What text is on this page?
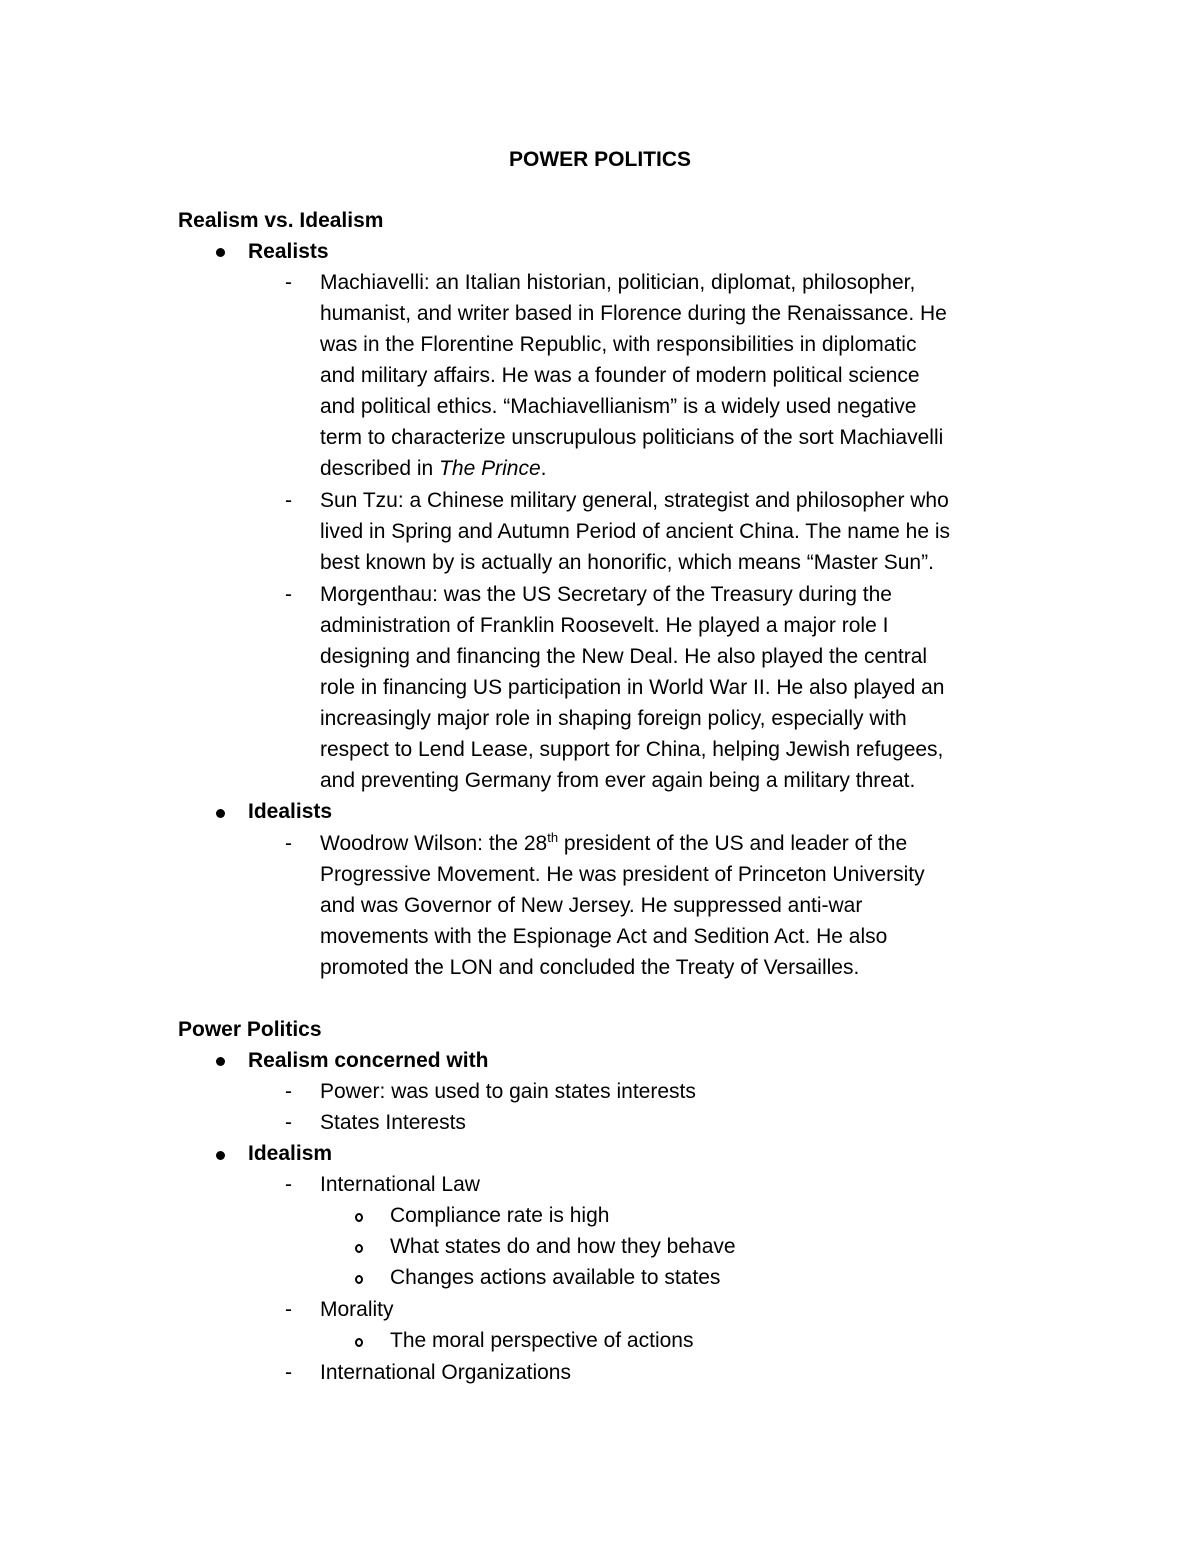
POWER POLITICS
Realism vs. Idealism
Realists
- Machiavelli: an Italian historian, politician, diplomat, philosopher,
humanist, and writer based in Florence during the Renaissance. He
was in the Florentine Republic, with responsibilities in diplomatic
and military affairs. He was a founder of modern political science
and political ethics. “Machiavellianism” is a widely used negative
term to characterize unscrupulous politicians of the sort Machiavelli
described in The Prince.
- Sun Tzu: a Chinese military general, strategist and philosopher who
lived in Spring and Autumn Period of ancient China. The name he is
best known by is actually an honorific, which means “Master Sun”.
- Morgenthau: was the US Secretary of the Treasury during the
administration of Franklin Roosevelt. He played a major role I
designing and financing the New Deal. He also played the central
role in financing US participation in World War II. He also played an
increasingly major role in shaping foreign policy, especially with
respect to Lend Lease, support for China, helping Jewish refugees,
and preventing Germany from ever again being a military threat.
Idealists
- Woodrow Wilson: the 28th president of the US and leader of the
Progressive Movement. He was president of Princeton University
and was Governor of New Jersey. He suppressed anti-war
movements with the Espionage Act and Sedition Act. He also
promoted the LON and concluded the Treaty of Versailles.
Power Politics
Realism concerned with
- Power: was used to gain states interests
- States Interests
Idealism
- International Law
Compliance rate is high
What states do and how they behave
Changes actions available to states
- Morality
The moral perspective of actions
- International Organizations
